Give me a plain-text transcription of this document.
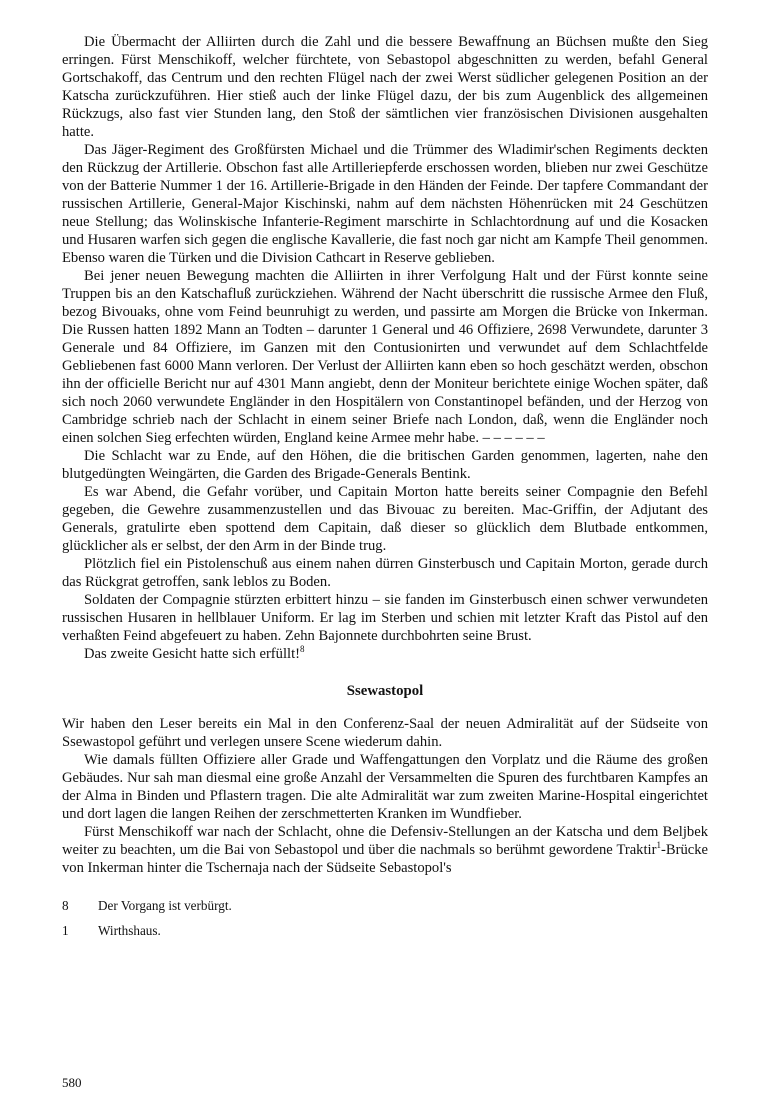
Die Übermacht der Alliirten durch die Zahl und die bessere Bewaffnung an Büchsen mußte den Sieg erringen. Fürst Menschikoff, welcher fürchtete, von Sebastopol abgeschnitten zu werden, befahl General Gortschakoff, das Centrum und den rechten Flügel nach der zwei Werst südlicher gelegenen Position an der Katscha zurückzuführen. Hier stieß auch der linke Flügel dazu, der bis zum Augenblick des allgemeinen Rückzugs, also fast vier Stunden lang, den Stoß der sämtlichen vier französischen Divisionen ausgehalten hatte.

Das Jäger-Regiment des Großfürsten Michael und die Trümmer des Wladimir'schen Regiments deckten den Rückzug der Artillerie. Obschon fast alle Artilleriepferde erschossen worden, blieben nur zwei Geschütze von der Batterie Nummer 1 der 16. Artillerie-Brigade in den Händen der Feinde. Der tapfere Commandant der russischen Artillerie, General-Major Kischinski, nahm auf dem nächsten Höhenrücken mit 24 Geschützen neue Stellung; das Wolinskische Infanterie-Regiment marschirte in Schlachtordnung auf und die Kosacken und Husaren warfen sich gegen die englische Kavallerie, die fast noch gar nicht am Kampfe Theil genommen. Ebenso waren die Türken und die Division Cathcart in Reserve geblieben.

Bei jener neuen Bewegung machten die Alliirten in ihrer Verfolgung Halt und der Fürst konnte seine Truppen bis an den Katschafluß zurückziehen. Während der Nacht überschritt die russische Armee den Fluß, bezog Bivouaks, ohne vom Feind beunruhigt zu werden, und passirte am Morgen die Brücke von Inkerman. Die Russen hatten 1892 Mann an Todten – darunter 1 General und 46 Offiziere, 2698 Verwundete, darunter 3 Generale und 84 Offiziere, im Ganzen mit den Contusionirten und verwundet auf dem Schlachtfelde Gebliebenen fast 6000 Mann verloren. Der Verlust der Alliirten kann eben so hoch geschätzt werden, obschon ihn der officielle Bericht nur auf 4301 Mann angiebt, denn der Moniteur berichtete einige Wochen später, daß sich noch 2060 verwundete Engländer in den Hospitälern von Constantinopel befänden, und der Herzog von Cambridge schrieb nach der Schlacht in einem seiner Briefe nach London, daß, wenn die Engländer noch einen solchen Sieg erfechten würden, England keine Armee mehr habe. – – – – – –

Die Schlacht war zu Ende, auf den Höhen, die die britischen Garden genommen, lagerten, nahe den blutgedüngten Weingärten, die Garden des Brigade-Generals Bentink.

Es war Abend, die Gefahr vorüber, und Capitain Morton hatte bereits seiner Compagnie den Befehl gegeben, die Gewehre zusammenzustellen und das Bivouac zu bereiten. Mac-Griffin, der Adjutant des Generals, gratulirte eben spottend dem Capitain, daß dieser so glücklich dem Blutbade entkommen, glücklicher als er selbst, der den Arm in der Binde trug.

Plötzlich fiel ein Pistolenschuß aus einem nahen dürren Ginsterbusch und Capitain Morton, gerade durch das Rückgrat getroffen, sank leblos zu Boden.

Soldaten der Compagnie stürzten erbittert hinzu – sie fanden im Ginsterbusch einen schwer verwundeten russischen Husaren in hellblauer Uniform. Er lag im Sterben und schien mit letzter Kraft das Pistol auf den verhaßten Feind abgefeuert zu haben. Zehn Bajonnete durchbohrten seine Brust.

Das zweite Gesicht hatte sich erfüllt!$^8$

Ssewastopol

Wir haben den Leser bereits ein Mal in den Conferenz-Saal der neuen Admiralität auf der Südseite von Ssewastopol geführt und verlegen unsere Scene wiederum dahin.

Wie damals füllten Offiziere aller Grade und Waffengattungen den Vorplatz und die Räume des großen Gebäudes. Nur sah man diesmal eine große Anzahl der Versammelten die Spuren des furchtbaren Kampfes an der Alma in Binden und Pflastern tragen. Die alte Admiralität war zum zweiten Marine-Hospital eingerichtet und dort lagen die langen Reihen der zerschmetterten Kranken im Wundfieber.

Fürst Menschikoff war nach der Schlacht, ohne die Defensiv-Stellungen an der Katscha und dem Beljbek weiter zu beachten, um die Bai von Sebastopol und über die nachmals so berühmt gewordene Traktir$^1$-Brücke von Inkerman hinter die Tschernaja nach der Südseite Sebastopol's

8 Der Vorgang ist verbürgt.
1 Wirthshaus.
580
